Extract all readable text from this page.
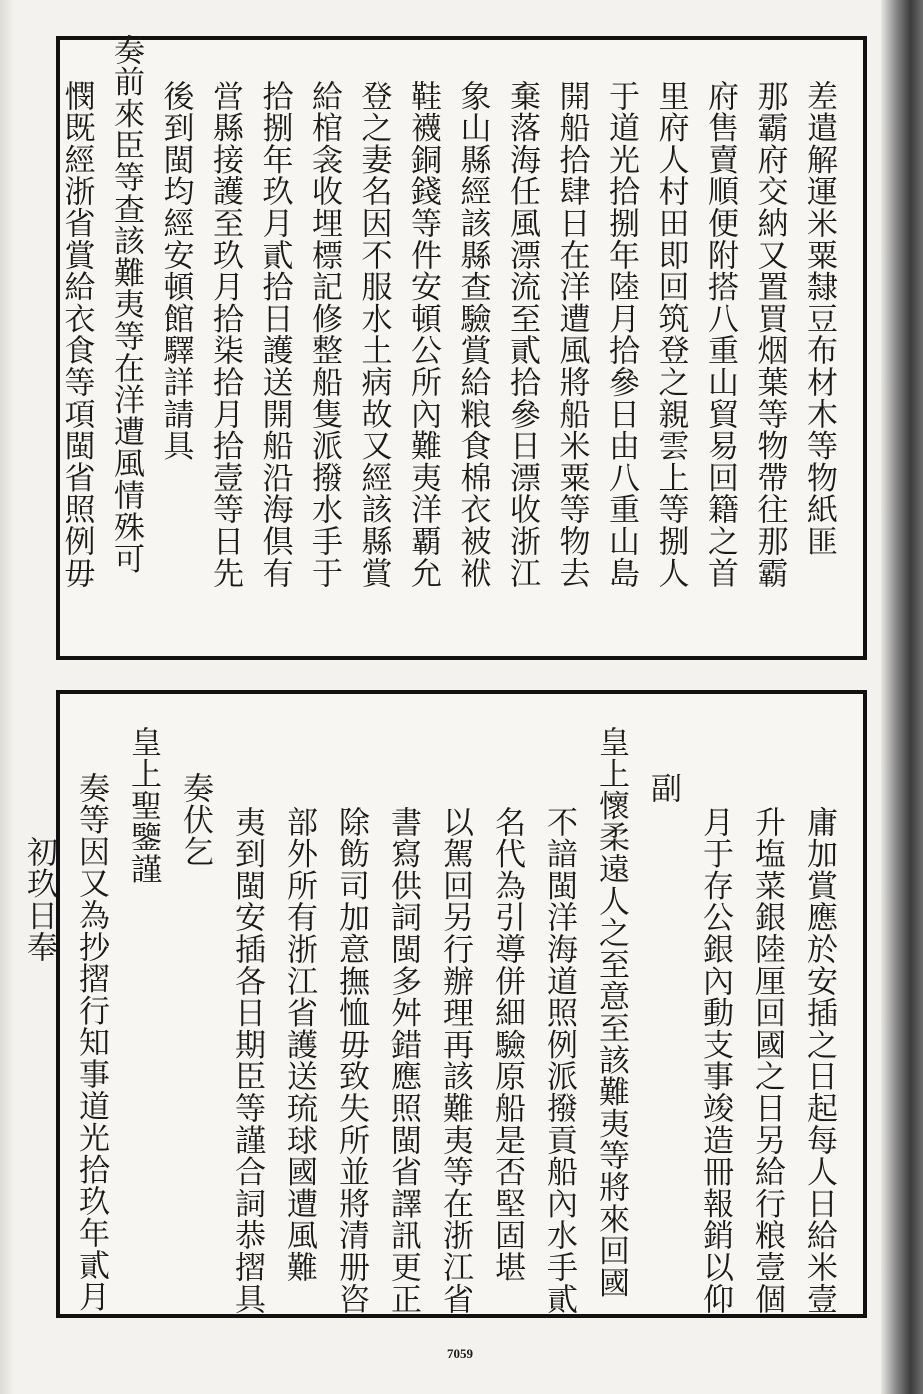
差遣解運米粟隸豆布材木等物紙匪
那霸府交納又置買烟葉等物帶往那霸
府售賣順便附搭八重山貿易回籍之首
里府人村田即回筑登之親雲上等捌人
于道光拾捌年陸月拾參日由八重山島
開船拾肆日在洋遭風將船米粟等物去
棄落海任風漂流至貳拾參日漂收浙江
象山縣經該縣查驗賞給粮食棉衣被袱
鞋襪銅錢等件安頓公所內難夷洋覇允
登之妻名因不服水土病故又經該縣賞
給棺衾收埋標記修整船隻派撥水手于
拾捌年玖月貳拾日護送開船沿海倶有
営縣接護至玖月拾柒拾月拾壹等日先
後到閩均經安頓館驛詳請具
奏前來臣等查該難夷等在洋遭風情殊可
憫既經浙省賞給衣食等項閩省照例毋
庸加賞應於安插之日起每人日給米壹
升塩菜銀陸厘回國之日另給行粮壹個
月于存公銀內動支事竣造冊報銷以仰
副
皇上懷柔遠人之至意至該難夷等將來回國
不諳閩洋海道照例派撥貢船內水手貳
名代為引導併細驗原船是否堅固堪
以駕回另行辦理再該難夷等在浙江省
書寫供詞閩多舛錯應照閩省譯訊更正
除飭司加意撫恤毋致失所並將清册咨
部外所有浙江省護送琉球國遭風難
夷到閩安插各日期臣等謹合詞恭摺具
奏伏乞
皇上聖鑒謹
奏等因又為抄摺行知事道光拾玖年貳月
初玖日奉
7059
